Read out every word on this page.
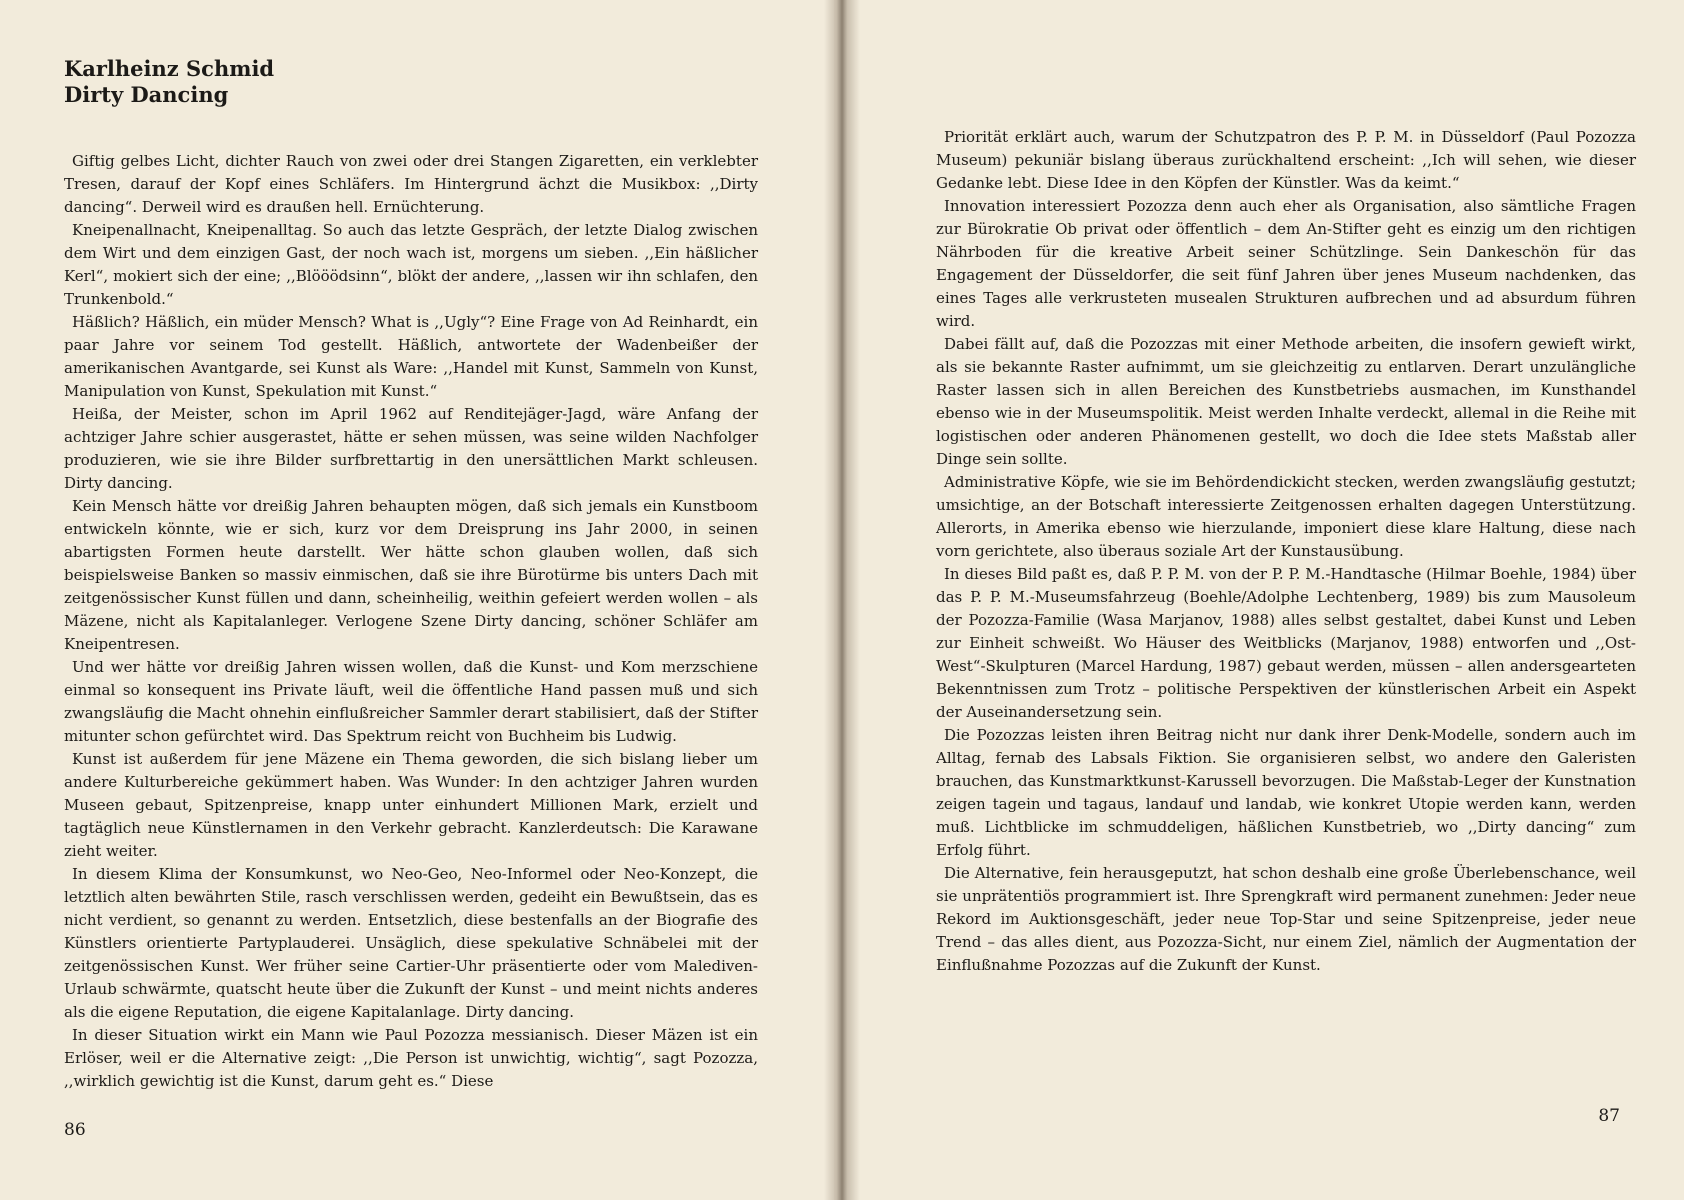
Karlheinz Schmid
Dirty Dancing

Giftig gelbes Licht, dichter Rauch von zwei oder drei Stangen Zigaretten, ein verklebter Tresen, darauf der Kopf eines Schläfers. Im Hintergrund ächzt die Musikbox: ,,Dirty dancing“. Derweil wird es draußen hell. Ernüchterung.

Kneipenallnacht, Kneipenalltag. So auch das letzte Gespräch, der letzte Dialog zwischen dem Wirt und dem einzigen Gast, der noch wach ist, morgens um sieben. ,,Ein häßlicher Kerl“, mokiert sich der eine; ,,Blööödsinn“, blökt der andere, ,,lassen wir ihn schlafen, den Trunkenbold.“

Häßlich? Häßlich, ein müder Mensch? What is ,,Ugly“? Eine Frage von Ad Reinhardt, ein paar Jahre vor seinem Tod gestellt. Häßlich, antwortete der Wadenbeißer der amerikanischen Avantgarde, sei Kunst als Ware: ,,Handel mit Kunst, Sammeln von Kunst, Manipulation von Kunst, Spekulation mit Kunst.“

Heißa, der Meister, schon im April 1962 auf Renditejäger-Jagd, wäre Anfang der achtziger Jahre schier ausgerastet, hätte er sehen müssen, was seine wilden Nachfolger produzieren, wie sie ihre Bilder surfbrettartig in den unersättlichen Markt schleusen. Dirty dancing.

Kein Mensch hätte vor dreißig Jahren behaupten mögen, daß sich jemals ein Kunstboom entwickeln könnte, wie er sich, kurz vor dem Dreisprung ins Jahr 2000, in seinen abartigsten Formen heute darstellt. Wer hätte schon glauben wollen, daß sich beispielsweise Banken so massiv einmischen, daß sie ihre Bürotürme bis unters Dach mit zeitgenössischer Kunst füllen und dann, scheinheilig, weithin gefeiert werden wollen – als Mäzene, nicht als Kapitalanleger. Verlogene Szene Dirty dancing, schöner Schläfer am Kneipentresen.

Und wer hätte vor dreißig Jahren wissen wollen, daß die Kunst- und Kom merzschiene einmal so konsequent ins Private läuft, weil die öffentliche Hand passen muß und sich zwangsläufig die Macht ohnehin einflußreicher Sammler derart stabilisiert, daß der Stifter mitunter schon gefürchtet wird. Das Spektrum reicht von Buchheim bis Ludwig.

Kunst ist außerdem für jene Mäzene ein Thema geworden, die sich bislang lieber um andere Kulturbereiche gekümmert haben. Was Wunder: In den achtziger Jahren wurden Museen gebaut, Spitzenpreise, knapp unter einhundert Millionen Mark, erzielt und tagtäglich neue Künstlernamen in den Verkehr gebracht. Kanzlerdeutsch: Die Karawane zieht weiter.

In diesem Klima der Konsumkunst, wo Neo-Geo, Neo-Informel oder Neo-Konzept, die letztlich alten bewährten Stile, rasch verschlissen werden, gedeiht ein Bewußtsein, das es nicht verdient, so genannt zu werden. Entsetzlich, diese bestenfalls an der Biografie des Künstlers orientierte Partyplauderei. Unsäglich, diese spekulative Schnäbelei mit der zeitgenössischen Kunst. Wer früher seine Cartier-Uhr präsentierte oder vom Malediven-Urlaub schwärmte, quatscht heute über die Zukunft der Kunst – und meint nichts anderes als die eigene Reputation, die eigene Kapitalanlage. Dirty dancing.

In dieser Situation wirkt ein Mann wie Paul Pozozza messianisch. Dieser Mäzen ist ein Erlöser, weil er die Alternative zeigt: ,,Die Person ist unwichtig, wichtig“, sagt Pozozza, ,,wirklich gewichtig ist die Kunst, darum geht es.“ Diese

86
87

Priorität erklärt auch, warum der Schutzpatron des P. P. M. in Düsseldorf (Paul Pozozza Museum) pekuniär bislang überaus zurückhaltend erscheint: ,,Ich will sehen, wie dieser Gedanke lebt. Diese Idee in den Köpfen der Künstler. Was da keimt.“

Innovation interessiert Pozozza denn auch eher als Organisation, also sämtliche Fragen zur Bürokratie Ob privat oder öffentlich – dem An-Stifter geht es einzig um den richtigen Nährboden für die kreative Arbeit seiner Schützlinge. Sein Dankeschön für das Engagement der Düsseldorfer, die seit fünf Jahren über jenes Museum nachdenken, das eines Tages alle verkrusteten musealen Strukturen aufbrechen und ad absurdum führen wird.

Dabei fällt auf, daß die Pozozzas mit einer Methode arbeiten, die insofern gewieft wirkt, als sie bekannte Raster aufnimmt, um sie gleichzeitig zu entlarven. Derart unzulängliche Raster lassen sich in allen Bereichen des Kunstbetriebs ausmachen, im Kunsthandel ebenso wie in der Museumspolitik. Meist werden Inhalte verdeckt, allemal in die Reihe mit logistischen oder anderen Phänomenen gestellt, wo doch die Idee stets Maßstab aller Dinge sein sollte.

Administrative Köpfe, wie sie im Behördendickicht stecken, werden zwangsläufig gestutzt; umsichtige, an der Botschaft interessierte Zeitgenossen erhalten dagegen Unterstützung. Allerorts, in Amerika ebenso wie hierzulande, imponiert diese klare Haltung, diese nach vorn gerichtete, also überaus soziale Art der Kunstausübung.

In dieses Bild paßt es, daß P. P. M. von der P. P. M.-Handtasche (Hilmar Boehle, 1984) über das P. P. M.-Museumsfahrzeug (Boehle/Adolphe Lechtenberg, 1989) bis zum Mausoleum der Pozozza-Familie (Wasa Marjanov, 1988) alles selbst gestaltet, dabei Kunst und Leben zur Einheit schweißt. Wo Häuser des Weitblicks (Marjanov, 1988) entworfen und ,,Ost-West“-Skulpturen (Marcel Hardung, 1987) gebaut werden, müssen – allen andersgearteten Bekenntnissen zum Trotz – politische Perspektiven der künstlerischen Arbeit ein Aspekt der Auseinandersetzung sein.

Die Pozozzas leisten ihren Beitrag nicht nur dank ihrer Denk-Modelle, sondern auch im Alltag, fernab des Labsals Fiktion. Sie organisieren selbst, wo andere den Galeristen brauchen, das Kunstmarktkunst-Karussell bevorzugen. Die Maßstab-Leger der Kunstnation zeigen tagein und tagaus, landauf und landab, wie konkret Utopie werden kann, werden muß. Lichtblicke im schmuddeligen, häßlichen Kunstbetrieb, wo ,,Dirty dancing“ zum Erfolg führt.

Die Alternative, fein herausgeputzt, hat schon deshalb eine große Überlebenschance, weil sie unprätentiös programmiert ist. Ihre Sprengkraft wird permanent zunehmen: Jeder neue Rekord im Auktionsgeschäft, jeder neue Top-Star und seine Spitzenpreise, jeder neue Trend – das alles dient, aus Pozozza-Sicht, nur einem Ziel, nämlich der Augmentation der Einflußnahme Pozozzas auf die Zukunft der Kunst.
